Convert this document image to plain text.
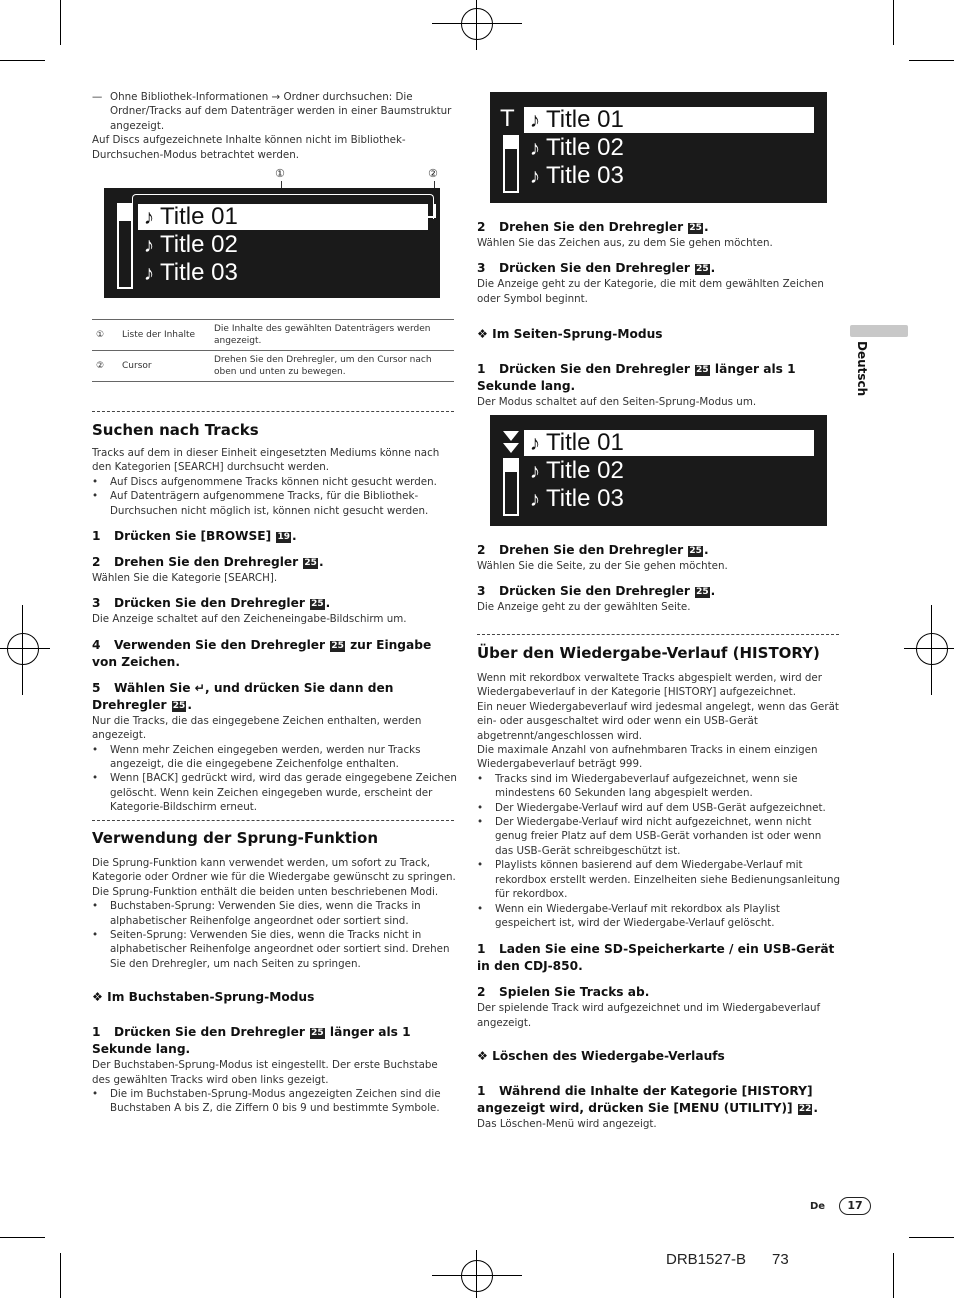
— Ohne Bibliothek-Informationen → Ordner durchsuchen: Die Ordner/Tracks auf dem Datenträger werden in einer Baumstruktur angezeigt.

Auf Discs aufgezeichnete Inhalte können nicht im Bibliothek-Durchsuchen-Modus betrachtet werden.

①	②
♪ Title 01
♪ Title 02
♪ Title 03
①	Liste der Inhalte	Die Inhalte des gewählten Datenträgers werden angezeigt.
②	Cursor	Drehen Sie den Drehregler, um den Cursor nach oben und unten zu bewegen.

Suchen nach Tracks

Tracks auf dem in dieser Einheit eingesetzten Mediums könne nach den Kategorien [SEARCH] durchsucht werden.

• Auf Discs aufgenommene Tracks können nicht gesucht werden.
• Auf Datenträgern aufgenommene Tracks, für die Bibliothek-Durchsuchen nicht möglich ist, können nicht gesucht werden.

1 Drücken Sie [BROWSE] 19 .

2 Drehen Sie den Drehregler 25 .

Wählen Sie die Kategorie [SEARCH].

3 Drücken Sie den Drehregler 25 .

Die Anzeige schaltet auf den Zeicheneingabe-Bildschirm um.

4 Verwenden Sie den Drehregler 25 zur Eingabe von Zeichen.

5 Wählen Sie ↵, und drücken Sie dann den Drehregler 25 .

Nur die Tracks, die das eingegebene Zeichen enthalten, werden angezeigt.

• Wenn mehr Zeichen eingegeben werden, werden nur Tracks angezeigt, die die eingegebene Zeichenfolge enthalten.
• Wenn [BACK] gedrückt wird, wird das gerade eingegebene Zeichen gelöscht. Wenn kein Zeichen eingegeben wurde, erscheint der Kategorie-Bildschirm erneut.

Verwendung der Sprung-Funktion

Die Sprung-Funktion kann verwendet werden, um sofort zu Track, Kategorie oder Ordner wie für die Wiedergabe gewünscht zu springen. Die Sprung-Funktion enthält die beiden unten beschriebenen Modi.

• Buchstaben-Sprung: Verwenden Sie dies, wenn die Tracks in alphabetischer Reihenfolge angeordnet oder sortiert sind.
• Seiten-Sprung: Verwenden Sie dies, wenn die Tracks nicht in alphabetischer Reihenfolge angeordnet oder sortiert sind. Drehen Sie den Drehregler, um nach Seiten zu springen.

❖ Im Buchstaben-Sprung-Modus

1 Drücken Sie den Drehregler 25 länger als 1 Sekunde lang.

Der Buchstaben-Sprung-Modus ist eingestellt. Der erste Buchstabe des gewählten Tracks wird oben links gezeigt.

• Die im Buchstaben-Sprung-Modus angezeigten Zeichen sind die Buchstaben A bis Z, die Ziffern 0 bis 9 und bestimmte Symbole.
T ♪ Title 01
♪ Title 02
♪ Title 03

2 Drehen Sie den Drehregler 25 .

Wählen Sie das Zeichen aus, zu dem Sie gehen möchten.

3 Drücken Sie den Drehregler 25 .

Die Anzeige geht zu der Kategorie, die mit dem gewählten Zeichen oder Symbol beginnt.

❖ Im Seiten-Sprung-Modus

1 Drücken Sie den Drehregler 25 länger als 1 Sekunde lang.

Der Modus schaltet auf den Seiten-Sprung-Modus um.

♪ Title 01
♪ Title 02
♪ Title 03

2 Drehen Sie den Drehregler 25 .

Wählen Sie die Seite, zu der Sie gehen möchten.

3 Drücken Sie den Drehregler 25 .

Die Anzeige geht zu der gewählten Seite.

Über den Wiedergabe-Verlauf (HISTORY)

Wenn mit rekordbox verwaltete Tracks abgespielt werden, wird der Wiedergabeverlauf in der Kategorie [HISTORY] aufgezeichnet.

Ein neuer Wiedergabeverlauf wird jedesmal angelegt, wenn das Gerät ein- oder ausgeschaltet wird oder wenn ein USB-Gerät abgetrennt/angeschlossen wird.

Die maximale Anzahl von aufnehmbaren Tracks in einem einzigen Wiedergabeverlauf beträgt 999.

• Tracks sind im Wiedergabeverlauf aufgezeichnet, wenn sie mindestens 60 Sekunden lang abgespielt werden.
• Der Wiedergabe-Verlauf wird auf dem USB-Gerät aufgezeichnet.
• Der Wiedergabe-Verlauf wird nicht aufgezeichnet, wenn nicht genug freier Platz auf dem USB-Gerät vorhanden ist oder wenn das USB-Gerät schreibgeschützt ist.
• Playlists können basierend auf dem Wiedergabe-Verlauf mit rekordbox erstellt werden. Einzelheiten siehe Bedienungsanleitung für rekordbox.
• Wenn ein Wiedergabe-Verlauf mit rekordbox als Playlist gespeichert ist, wird der Wiedergabe-Verlauf gelöscht.

1 Laden Sie eine SD-Speicherkarte / ein USB-Gerät in den CDJ-850.

2 Spielen Sie Tracks ab.

Der spielende Track wird aufgezeichnet und im Wiedergabeverlauf angezeigt.

❖ Löschen des Wiedergabe-Verlaufs

1 Während die Inhalte der Kategorie [HISTORY] angezeigt wird, drücken Sie [MENU (UTILITY)] 22 .

Das Löschen-Menü wird angezeigt.

Deutsch
De	17
DRB1527-B 73
